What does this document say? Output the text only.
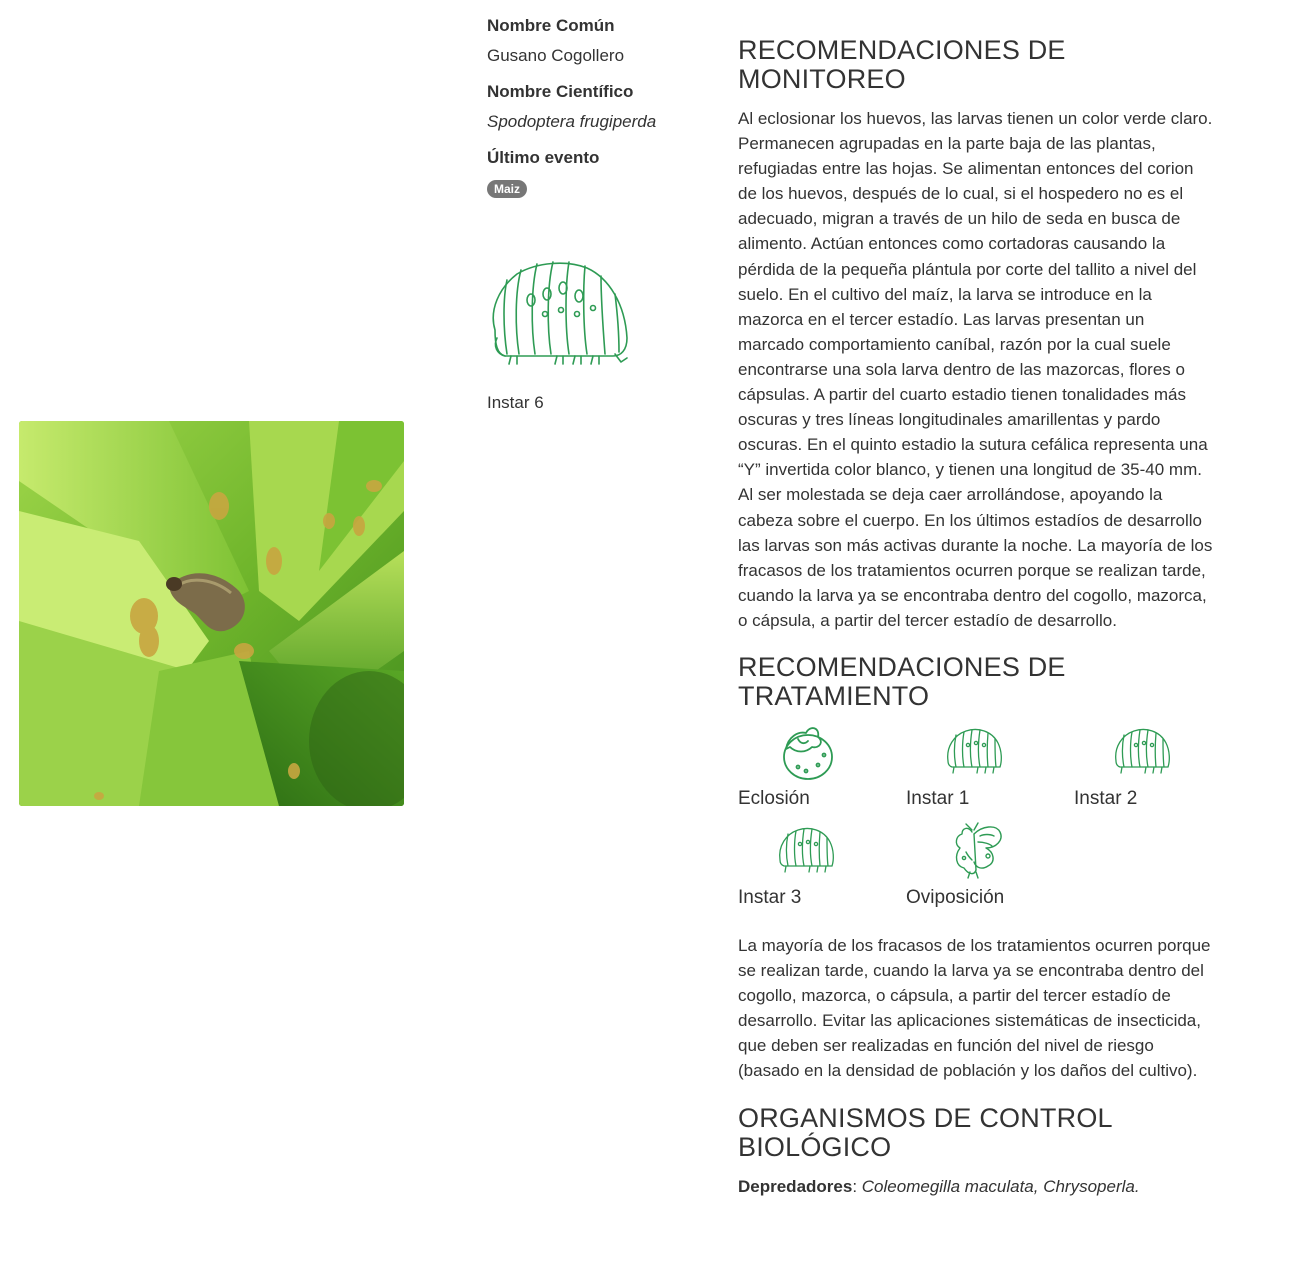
Nombre Común

Gusano Cogollero

Nombre Científico

Spodoptera frugiperda

Último evento

Maiz
Instar 6
RECOMENDACIONES DE MONITOREO

Al eclosionar los huevos, las larvas tienen un color verde claro. Permanecen agrupadas en la parte baja de las plantas, refugiadas entre las hojas. Se alimentan entonces del corion de los huevos, después de lo cual, si el hospedero no es el adecuado, migran a través de un hilo de seda en busca de alimento. Actúan entonces como cortadoras causando la pérdida de la pequeña plántula por corte del tallito a nivel del suelo. En el cultivo del maíz, la larva se introduce en la mazorca en el tercer estadío. Las larvas presentan un marcado comportamiento caníbal, razón por la cual suele encontrarse una sola larva dentro de las mazorcas, flores o cápsulas. A partir del cuarto estadio tienen tonalidades más oscuras y tres líneas longitudinales amarillentas y pardo oscuras. En el quinto estadio la sutura cefálica representa una “Y” invertida color blanco, y tienen una longitud de 35-40 mm. Al ser molestada se deja caer arrollándose, apoyando la cabeza sobre el cuerpo. En los últimos estadíos de desarrollo las larvas son más activas durante la noche. La mayoría de los fracasos de los tratamientos ocurren porque se realizan tarde, cuando la larva ya se encontraba dentro del cogollo, mazorca, o cápsula, a partir del tercer estadío de desarrollo.

RECOMENDACIONES DE TRATAMIENTO
Eclosión	Instar 1	Instar 2
Instar 3	Oviposición

La mayoría de los fracasos de los tratamientos ocurren porque se realizan tarde, cuando la larva ya se encontraba dentro del cogollo, mazorca, o cápsula, a partir del tercer estadío de desarrollo. Evitar las aplicaciones sistemáticas de insecticida, que deben ser realizadas en función del nivel de riesgo (basado en la densidad de población y los daños del cultivo).

ORGANISMOS DE CONTROL BIOLÓGICO

Depredadores: Coleomegilla maculata, Chrysoperla.
